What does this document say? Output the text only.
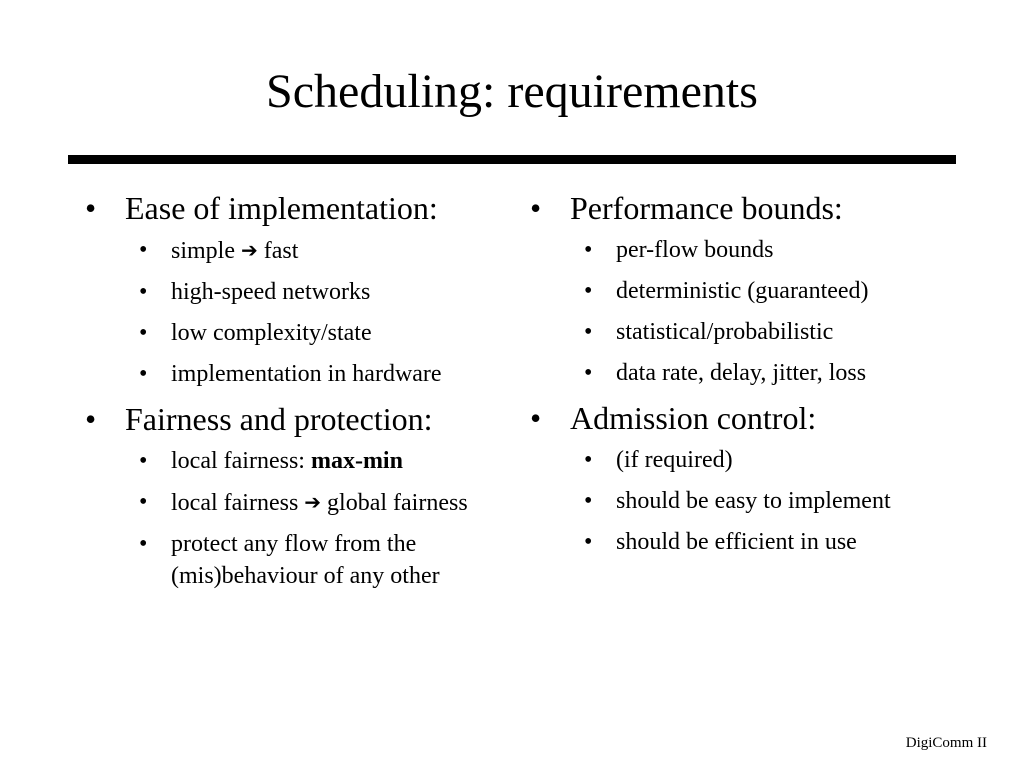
Scheduling: requirements
• Ease of implementation:
• simple ➔ fast
• high-speed networks
• low complexity/state
• implementation in hardware
• Fairness and protection:
• local fairness: max-min
• local fairness ➔ global fairness
• protect any flow from the (mis)behaviour of any other
• Performance bounds:
• per-flow bounds
• deterministic (guaranteed)
• statistical/probabilistic
• data rate, delay, jitter, loss
• Admission control:
• (if required)
• should be easy to implement
• should be efficient in use
DigiComm II
